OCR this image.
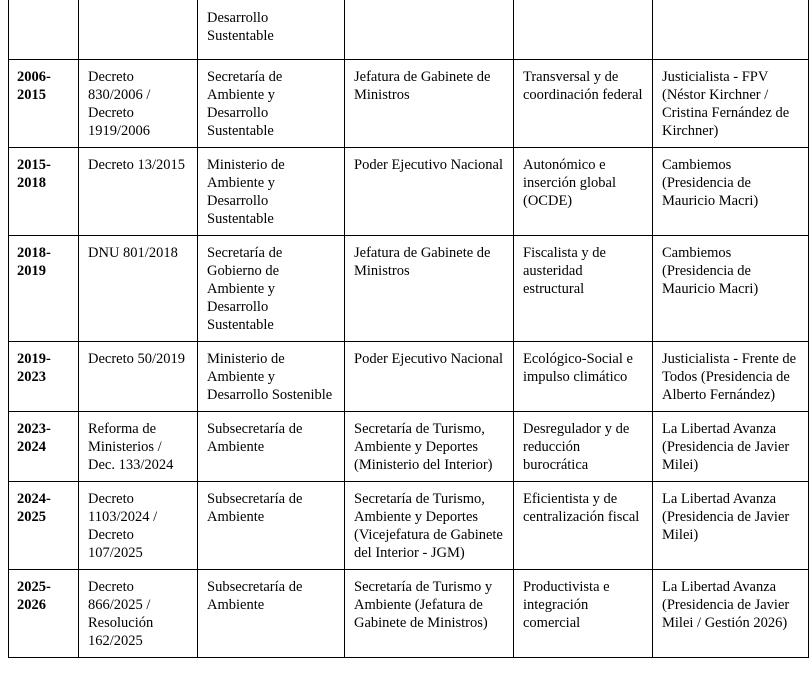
		Desarrollo Sustentable			

2006-2015	Decreto 830/2006 / Decreto 1919/2006	Secretaría de Ambiente y Desarrollo Sustentable	Jefatura de Gabinete de Ministros	Transversal y de coordinación federal	Justicialista - FPV (Néstor Kirchner / Cristina Fernández de Kirchner)

2015-2018	Decreto 13/2015	Ministerio de Ambiente y Desarrollo Sustentable	Poder Ejecutivo Nacional	Autonómico e inserción global (OCDE)	Cambiemos (Presidencia de Mauricio Macri)

2018-2019	DNU 801/2018	Secretaría de Gobierno de Ambiente y Desarrollo Sustentable	Jefatura de Gabinete de Ministros	Fiscalista y de austeridad estructural	Cambiemos (Presidencia de Mauricio Macri)

2019-2023	Decreto 50/2019	Ministerio de Ambiente y Desarrollo Sostenible	Poder Ejecutivo Nacional	Ecológico-Social e impulso climático	Justicialista - Frente de Todos (Presidencia de Alberto Fernández)

2023-2024	Reforma de Ministerios / Dec. 133/2024	Subsecretaría de Ambiente	Secretaría de Turismo, Ambiente y Deportes (Ministerio del Interior)	Desregulador y de reducción burocrática	La Libertad Avanza (Presidencia de Javier Milei)

2024-2025	Decreto 1103/2024 / Decreto 107/2025	Subsecretaría de Ambiente	Secretaría de Turismo, Ambiente y Deportes (Vicejefatura de Gabinete del Interior - JGM)	Eficientista y de centralización fiscal	La Libertad Avanza (Presidencia de Javier Milei)

2025-2026	Decreto 866/2025 / Resolución 162/2025	Subsecretaría de Ambiente	Secretaría de Turismo y Ambiente (Jefatura de Gabinete de Ministros)	Productivista e integración comercial	La Libertad Avanza (Presidencia de Javier Milei / Gestión 2026)
